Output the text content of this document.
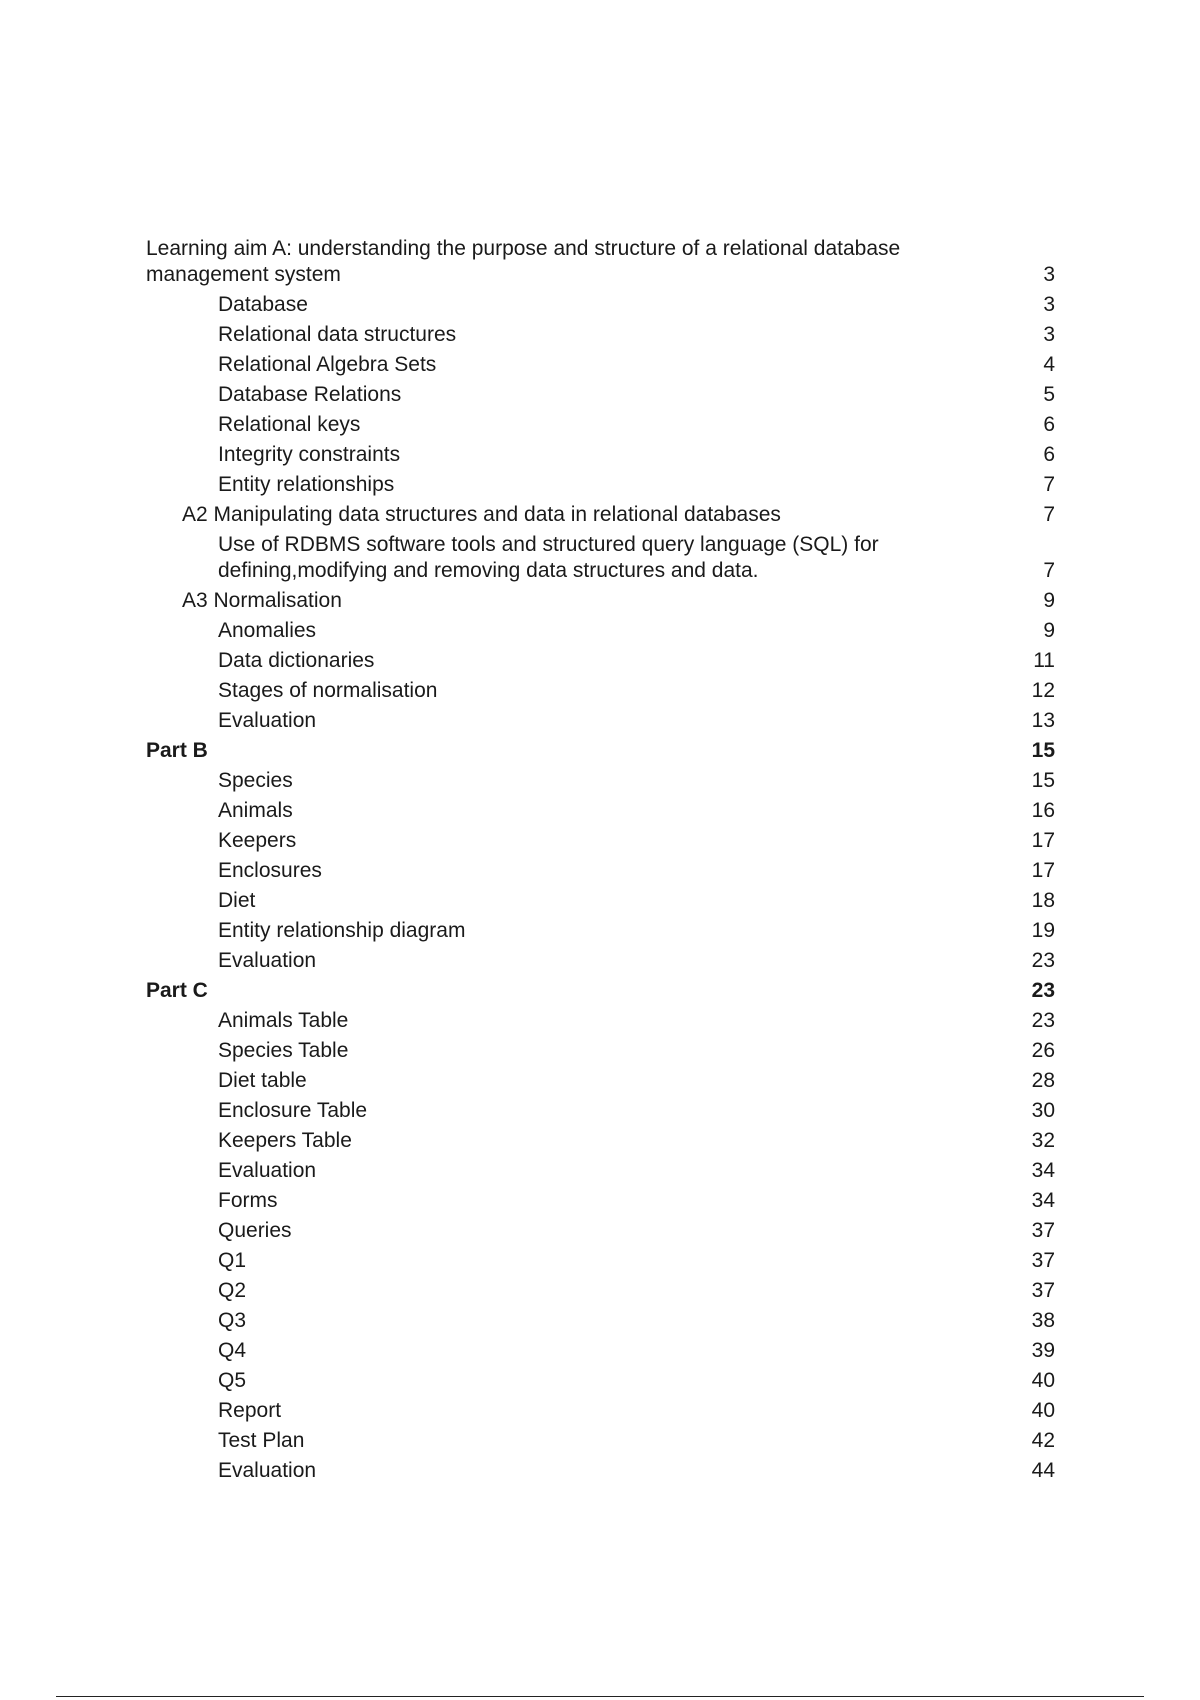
Learning aim A: understanding the purpose and structure of a relational database
management system	3
Database	3
Relational data structures	3
Relational Algebra Sets	4
Database Relations	5
Relational keys	6
Integrity constraints	6
Entity relationships	7
A2 Manipulating data structures and data in relational databases	7
Use of RDBMS software tools and structured query language (SQL) for
defining,modifying and removing data structures and data.	7
A3 Normalisation	9
Anomalies	9
Data dictionaries	11
Stages of normalisation	12
Evaluation	13
Part B	15
Species	15
Animals	16
Keepers	17
Enclosures	17
Diet	18
Entity relationship diagram	19
Evaluation	23
Part C	23
Animals Table	23
Species Table	26
Diet table	28
Enclosure Table	30
Keepers Table	32
Evaluation	34
Forms	34
Queries	37
Q1	37
Q2	37
Q3	38
Q4	39
Q5	40
Report	40
Test Plan	42
Evaluation	44
